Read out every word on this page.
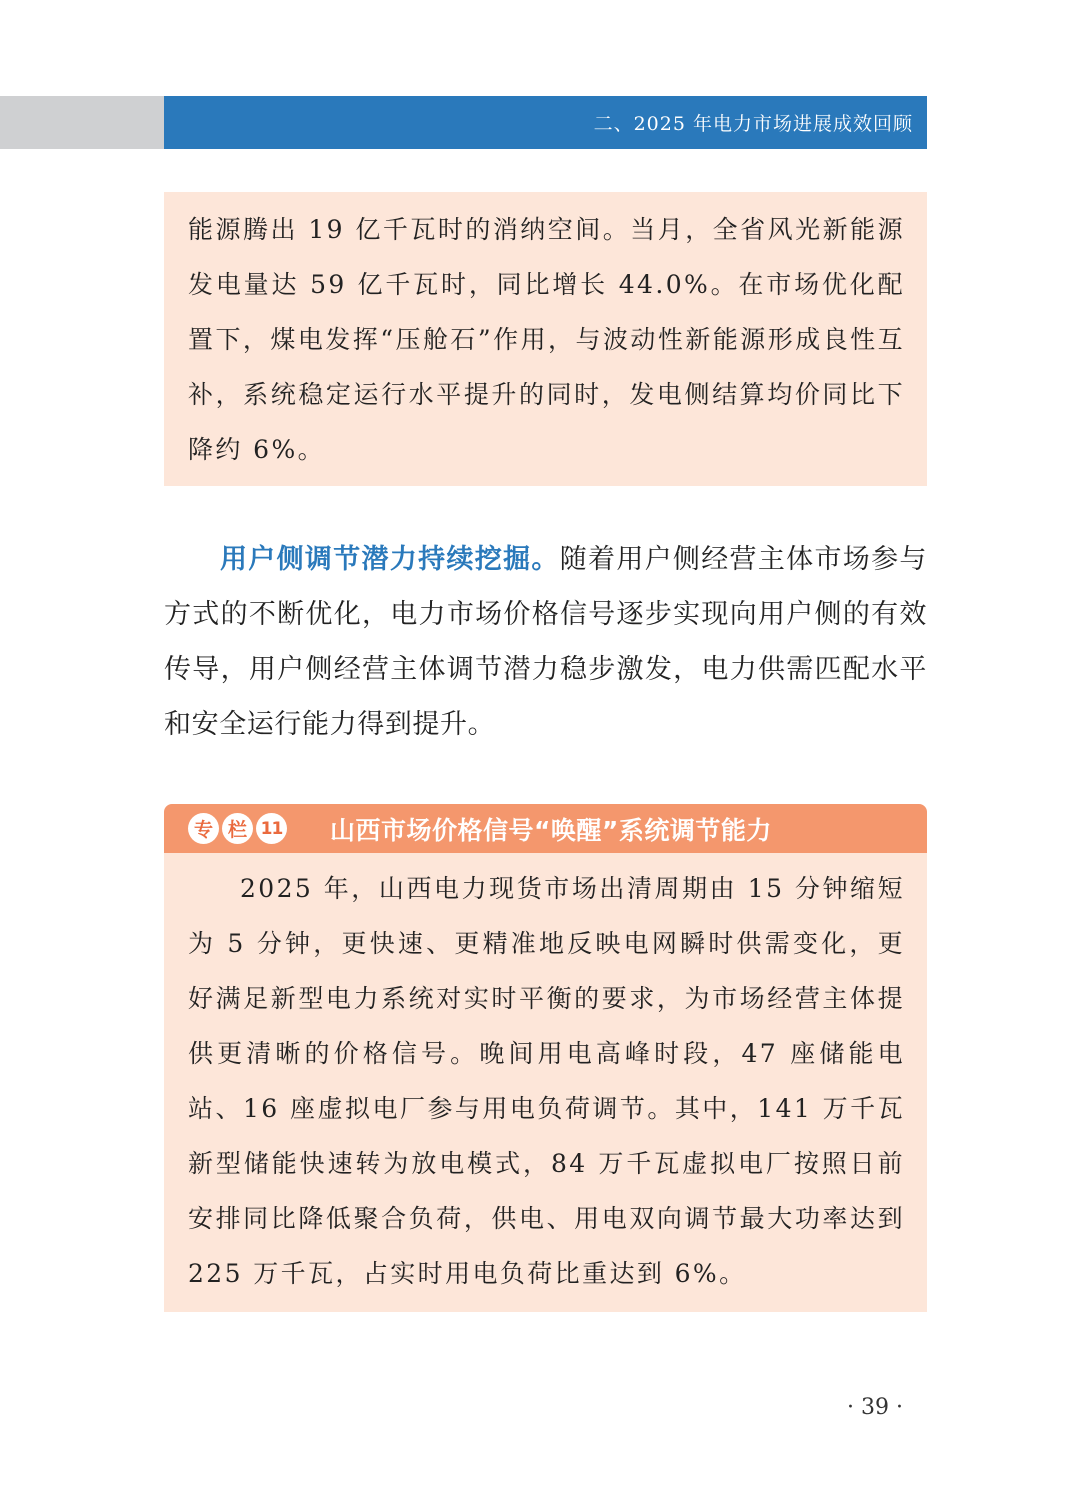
二、2025 年电力市场进展成效回顾

能源腾出 19 亿千瓦时的消纳空间。当月，全省风光新能源发电量达 59 亿千瓦时，同比增长 44.0%。在市场优化配置下，煤电发挥“压舱石”作用，与波动性新能源形成良性互补，系统稳定运行水平提升的同时，发电侧结算均价同比下降约 6%。

用户侧调节潜力持续挖掘。随着用户侧经营主体市场参与方式的不断优化，电力市场价格信号逐步实现向用户侧的有效传导，用户侧经营主体调节潜力稳步激发，电力供需匹配水平和安全运行能力得到提升。

专 栏 11 山西市场价格信号“唤醒”系统调节能力

2025 年，山西电力现货市场出清周期由 15 分钟缩短为 5 分钟，更快速、更精准地反映电网瞬时供需变化，更好满足新型电力系统对实时平衡的要求，为市场经营主体提供更清晰的价格信号。晚间用电高峰时段，47 座储能电站、16 座虚拟电厂参与用电负荷调节。其中，141 万千瓦新型储能快速转为放电模式，84 万千瓦虚拟电厂按照日前安排同比降低聚合负荷，供电、用电双向调节最大功率达到 225 万千瓦，占实时用电负荷比重达到 6%。

· 39 ·
